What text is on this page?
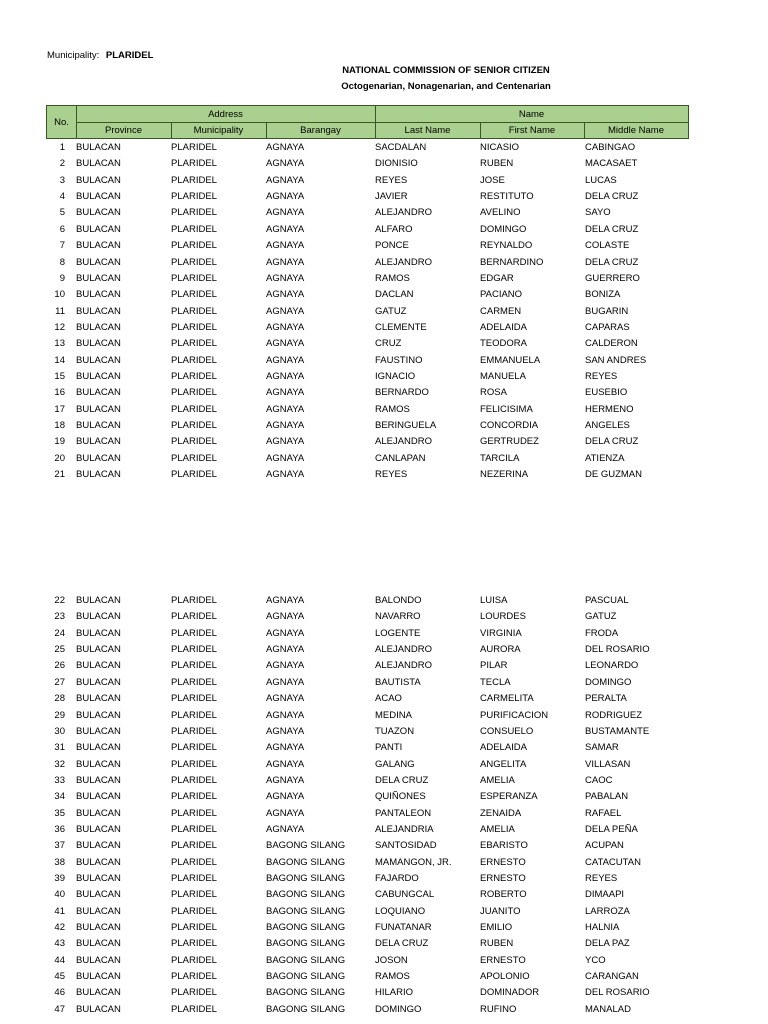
Municipality: PLARIDEL
NATIONAL COMMISSION OF SENIOR CITIZEN
Octogenarian, Nonagenarian, and Centenarian
No.
Address	Name
Province	Municipality	Barangay	Last Name	First Name	Middle Name
1 BULACAN	PLARIDEL	AGNAYA	SACDALAN	NICASIO	CABINGAO
2 BULACAN	PLARIDEL	AGNAYA	DIONISIO	RUBEN	MACASAET
3 BULACAN	PLARIDEL	AGNAYA	REYES	JOSE	LUCAS
4 BULACAN	PLARIDEL	AGNAYA	JAVIER	RESTITUTO	DELA CRUZ
5 BULACAN	PLARIDEL	AGNAYA	ALEJANDRO	AVELINO	SAYO
6 BULACAN	PLARIDEL	AGNAYA	ALFARO	DOMINGO	DELA CRUZ
7 BULACAN	PLARIDEL	AGNAYA	PONCE	REYNALDO	COLASTE
8 BULACAN	PLARIDEL	AGNAYA	ALEJANDRO	BERNARDINO	DELA CRUZ
9 BULACAN	PLARIDEL	AGNAYA	RAMOS	EDGAR	GUERRERO
10 BULACAN	PLARIDEL	AGNAYA	DACLAN	PACIANO	BONIZA
11 BULACAN	PLARIDEL	AGNAYA	GATUZ	CARMEN	BUGARIN
12 BULACAN	PLARIDEL	AGNAYA	CLEMENTE	ADELAIDA	CAPARAS
13 BULACAN	PLARIDEL	AGNAYA	CRUZ	TEODORA	CALDERON
14 BULACAN	PLARIDEL	AGNAYA	FAUSTINO	EMMANUELA	SAN ANDRES
15 BULACAN	PLARIDEL	AGNAYA	IGNACIO	MANUELA	REYES
16 BULACAN	PLARIDEL	AGNAYA	BERNARDO	ROSA	EUSEBIO
17 BULACAN	PLARIDEL	AGNAYA	RAMOS	FELICISIMA	HERMENO
18 BULACAN	PLARIDEL	AGNAYA	BERINGUELA	CONCORDIA	ANGELES
19 BULACAN	PLARIDEL	AGNAYA	ALEJANDRO	GERTRUDEZ	DELA CRUZ
20 BULACAN	PLARIDEL	AGNAYA	CANLAPAN	TARCILA	ATIENZA
21 BULACAN	PLARIDEL	AGNAYA	REYES	NEZERINA	DE GUZMAN
22 BULACAN	PLARIDEL	AGNAYA	BALONDO	LUISA	PASCUAL
23 BULACAN	PLARIDEL	AGNAYA	NAVARRO	LOURDES	GATUZ
24 BULACAN	PLARIDEL	AGNAYA	LOGENTE	VIRGINIA	FRODA
25 BULACAN	PLARIDEL	AGNAYA	ALEJANDRO	AURORA	DEL ROSARIO
26 BULACAN	PLARIDEL	AGNAYA	ALEJANDRO	PILAR	LEONARDO
27 BULACAN	PLARIDEL	AGNAYA	BAUTISTA	TECLA	DOMINGO
28 BULACAN	PLARIDEL	AGNAYA	ACAO	CARMELITA	PERALTA
29 BULACAN	PLARIDEL	AGNAYA	MEDINA	PURIFICACION	RODRIGUEZ
30 BULACAN	PLARIDEL	AGNAYA	TUAZON	CONSUELO	BUSTAMANTE
31 BULACAN	PLARIDEL	AGNAYA	PANTI	ADELAIDA	SAMAR
32 BULACAN	PLARIDEL	AGNAYA	GALANG	ANGELITA	VILLASAN
33 BULACAN	PLARIDEL	AGNAYA	DELA CRUZ	AMELIA	CAOC
34 BULACAN	PLARIDEL	AGNAYA	QUIÑONES	ESPERANZA	PABALAN
35 BULACAN	PLARIDEL	AGNAYA	PANTALEON	ZENAIDA	RAFAEL
36 BULACAN	PLARIDEL	AGNAYA	ALEJANDRIA	AMELIA	DELA PEÑA
37 BULACAN	PLARIDEL	BAGONG SILANG	SANTOSIDAD	EBARISTO	ACUPAN
38 BULACAN	PLARIDEL	BAGONG SILANG	MAMANGON, JR.	ERNESTO	CATACUTAN
39 BULACAN	PLARIDEL	BAGONG SILANG	FAJARDO	ERNESTO	REYES
40 BULACAN	PLARIDEL	BAGONG SILANG	CABUNGCAL	ROBERTO	DIMAAPI
41 BULACAN	PLARIDEL	BAGONG SILANG	LOQUIANO	JUANITO	LARROZA
42 BULACAN	PLARIDEL	BAGONG SILANG	FUNATANAR	EMILIO	HALNIA
43 BULACAN	PLARIDEL	BAGONG SILANG	DELA CRUZ	RUBEN	DELA PAZ
44 BULACAN	PLARIDEL	BAGONG SILANG	JOSON	ERNESTO	YCO
45 BULACAN	PLARIDEL	BAGONG SILANG	RAMOS	APOLONIO	CARANGAN
46 BULACAN	PLARIDEL	BAGONG SILANG	HILARIO	DOMINADOR	DEL ROSARIO
47 BULACAN	PLARIDEL	BAGONG SILANG	DOMINGO	RUFINO	MANALAD
